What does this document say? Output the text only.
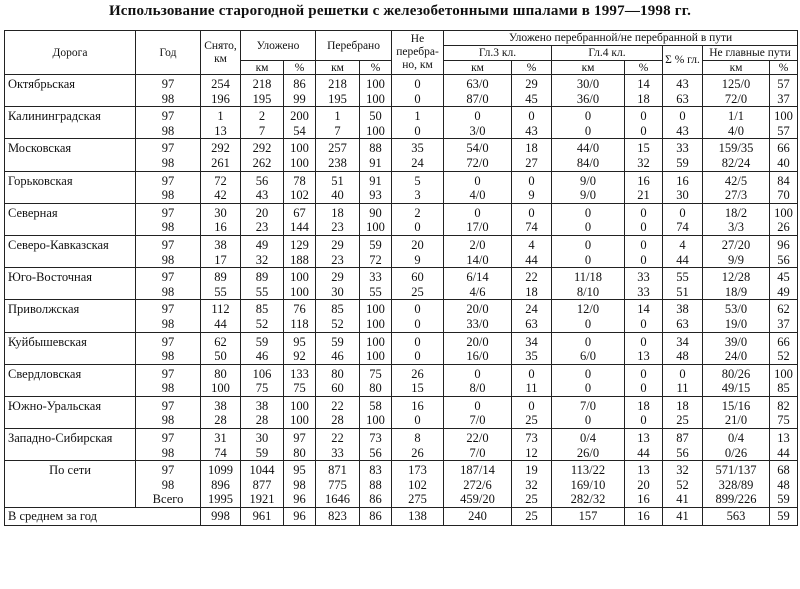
Использование старогодной решетки с железобетонными шпалами в 1997—1998 гг.
Дорога	Год	Снято, км	Уложено		Перебрано		Не перебра-но, км	Уложено перебранной/не перебранной в пути						
								Гл.3 кл.		Гл.4 кл.		Σ % гл.	Не главные пути	
			км	%	км	%		км	%	км	%		км	%
Октябрьская	97	254	218	86	218	100	0	63/0	29	30/0	14	43	125/0	57
	98	196	195	99	195	100	0	87/0	45	36/0	18	63	72/0	37
Калининградская	97	1	2	200	1	50	1	0	0	0	0	0	1/1	100
	98	13	7	54	7	100	0	3/0	43	0	0	43	4/0	57
Московская	97	292	292	100	257	88	35	54/0	18	44/0	15	33	159/35	66
	98	261	262	100	238	91	24	72/0	27	84/0	32	59	82/24	40
Горьковская	97	72	56	78	51	91	5	0	0	9/0	16	16	42/5	84
	98	42	43	102	40	93	3	4/0	9	9/0	21	30	27/3	70
Северная	97	30	20	67	18	90	2	0	0	0	0	0	18/2	100
	98	16	23	144	23	100	0	17/0	74	0	0	74	3/3	26
Северо-Кавказская	97	38	49	129	29	59	20	2/0	4	0	0	4	27/20	96
	98	17	32	188	23	72	9	14/0	44	0	0	44	9/9	56
Юго-Восточная	97	89	89	100	29	33	60	6/14	22	11/18	33	55	12/28	45
	98	55	55	100	30	55	25	4/6	18	8/10	33	51	18/9	49
Приволжская	97	112	85	76	85	100	0	20/0	24	12/0	14	38	53/0	62
	98	44	52	118	52	100	0	33/0	63	0	0	63	19/0	37
Куйбышевская	97	62	59	95	59	100	0	20/0	34	0	0	34	39/0	66
	98	50	46	92	46	100	0	16/0	35	6/0	13	48	24/0	52
Свердловская	97	80	106	133	80	75	26	0	0	0	0	0	80/26	100
	98	100	75	75	60	80	15	8/0	11	0	0	11	49/15	85
Южно-Уральская	97	38	38	100	22	58	16	0	0	7/0	18	18	15/16	82
	98	28	28	100	28	100	0	7/0	25	0	0	25	21/0	75
Западно-Сибирская	97	31	30	97	22	73	8	22/0	73	0/4	13	87	0/4	13
	98	74	59	80	33	56	26	7/0	12	26/0	44	56	0/26	44
По сети	97	1099	1044	95	871	83	173	187/14	19	113/22	13	32	571/137	68
	98	896	877	98	775	88	102	272/6	32	169/10	20	52	328/89	48
	Всего	1995	1921	96	1646	86	275	459/20	25	282/32	16	41	899/226	59
В среднем за год		998	961	96	823	86	138	240	25	157	16	41	563	59
